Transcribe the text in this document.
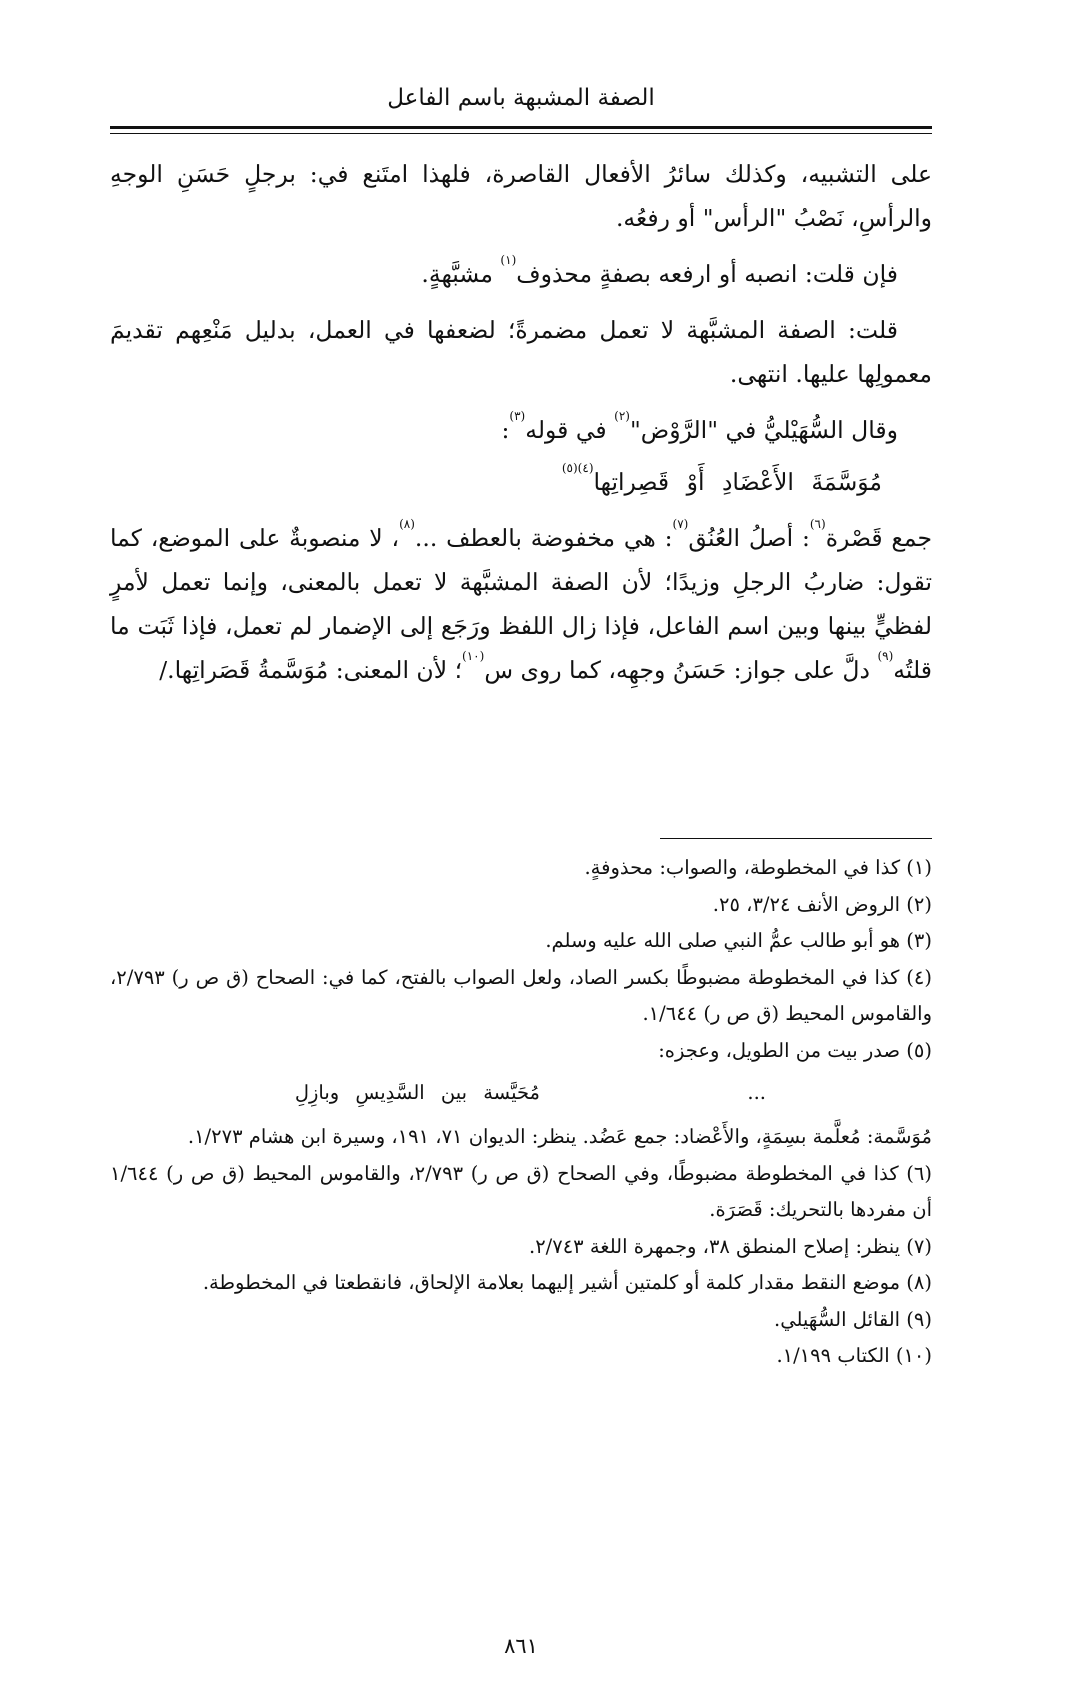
الصفة المشبهة باسم الفاعل

على التشبيه، وكذلك سائرُ الأفعال القاصرة، فلهذا امتَنع في: برجلٍ حَسَنِ الوجهِ والرأسِ، نَصْبُ "الرأس" أو رفعُه.

فإن قلت: انصبه أو ارفعه بصفةٍ محذوف$^{(١)}$ مشبَّهةٍ.

قلت: الصفة المشبَّهة لا تعمل مضمرةً؛ لضعفها في العمل، بدليل مَنْعِهم تقديمَ معمولِها عليها. انتهى.

وقال السُّهَيْليُّ في "الرَّوْض"$^{(٢)}$ في قوله$^{(٣)}$:

مُوَسَّمَةَ الأَعْضَادِ أَوْ قَصِراتِها$^{(٤)(٥)}$

جمع قَصْرة$^{(٦)}$: أصلُ العُنُق$^{(٧)}$: هي مخفوضة بالعطف ...$^{(٨)}$، لا منصوبةٌ على الموضع، كما تقول: ضاربُ الرجلِ وزيدًا؛ لأن الصفة المشبَّهة لا تعمل بالمعنى، وإنما تعمل لأمرٍ لفظيٍّ بينها وبين اسم الفاعل، فإذا زال اللفظ ورَجَع إلى الإضمار لم تعمل، فإذا ثَبَت ما قلتُه$^{(٩)}$ دلَّ على جواز: حَسَنُ وجهِه، كما روى س$^{(١٠)}$؛ لأن المعنى: مُوَسَّمةُ قَصَراتِها./

(١) كذا في المخطوطة، والصواب: محذوفةٍ.

(٢) الروض الأنف ٣/٢٤، ٢٥.

(٣) هو أبو طالب عمُّ النبي صلى الله عليه وسلم.

(٤) كذا في المخطوطة مضبوطًا بكسر الصاد، ولعل الصواب بالفتح، كما في: الصحاح (ق ص ر) ٢/٧٩٣، والقاموس المحيط (ق ص ر) ١/٦٤٤.

(٥) صدر بيت من الطويل، وعجزه:

...
مُحَيَّسة بين السَّدِيسِ وبازِلِ

مُوَسَّمة: مُعلَّمة بسِمَةٍ، والأَعْضاد: جمع عَضُد. ينظر: الديوان ٧١، ١٩١، وسيرة ابن هشام ١/٢٧٣.

(٦) كذا في المخطوطة مضبوطًا، وفي الصحاح (ق ص ر) ٢/٧٩٣، والقاموس المحيط (ق ص ر) ١/٦٤٤ أن مفردها بالتحريك: قَصَرَة.

(٧) ينظر: إصلاح المنطق ٣٨، وجمهرة اللغة ٢/٧٤٣.

(٨) موضع النقط مقدار كلمة أو كلمتين أشير إليهما بعلامة الإلحاق، فانقطعتا في المخطوطة.

(٩) القائل السُّهَيلي.

(١٠) الكتاب ١/١٩٩.

٨٦١
